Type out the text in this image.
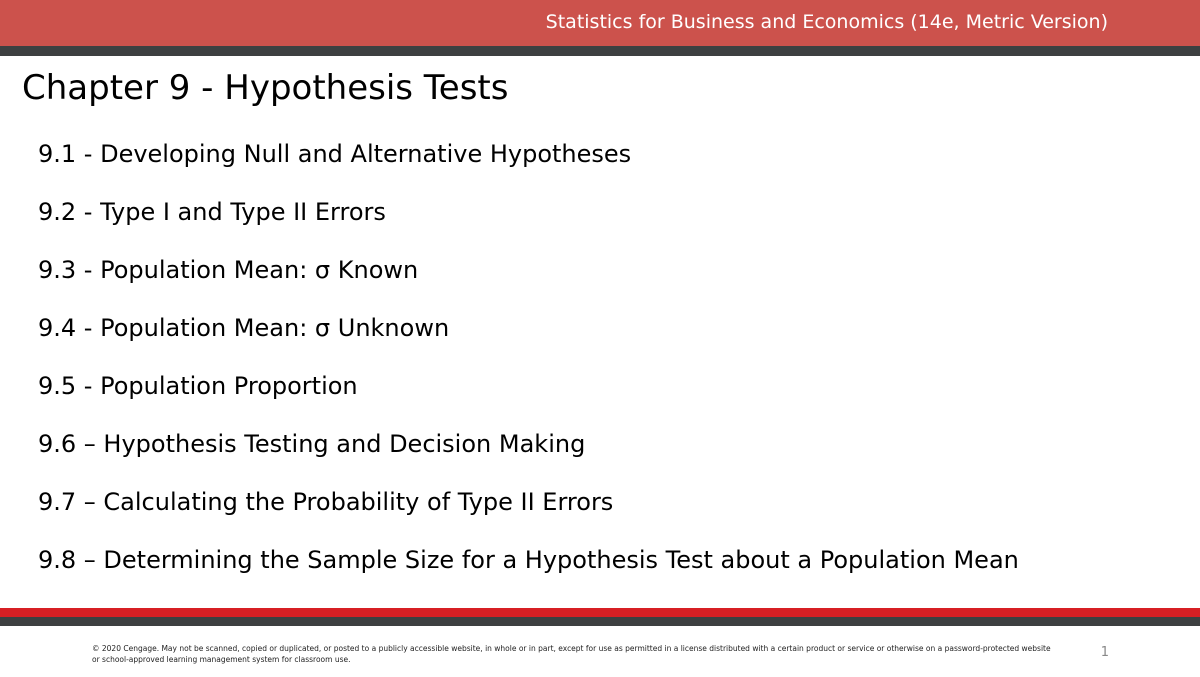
Statistics for Business and Economics (14e, Metric Version)
Chapter 9 - Hypothesis Tests
9.1 - Developing Null and Alternative Hypotheses
9.2 - Type I and Type II Errors
9.3 - Population Mean: σ Known
9.4 - Population Mean: σ Unknown
9.5 - Population Proportion
9.6 – Hypothesis Testing and Decision Making
9.7 – Calculating the Probability of Type II Errors
9.8 – Determining the Sample Size for a Hypothesis Test about a Population Mean
© 2020 Cengage. May not be scanned, copied or duplicated, or posted to a publicly accessible website, in whole or in part, except for use as permitted in a license distributed with a certain product or service or otherwise on a password-protected website or school-approved learning management system for classroom use.	1
